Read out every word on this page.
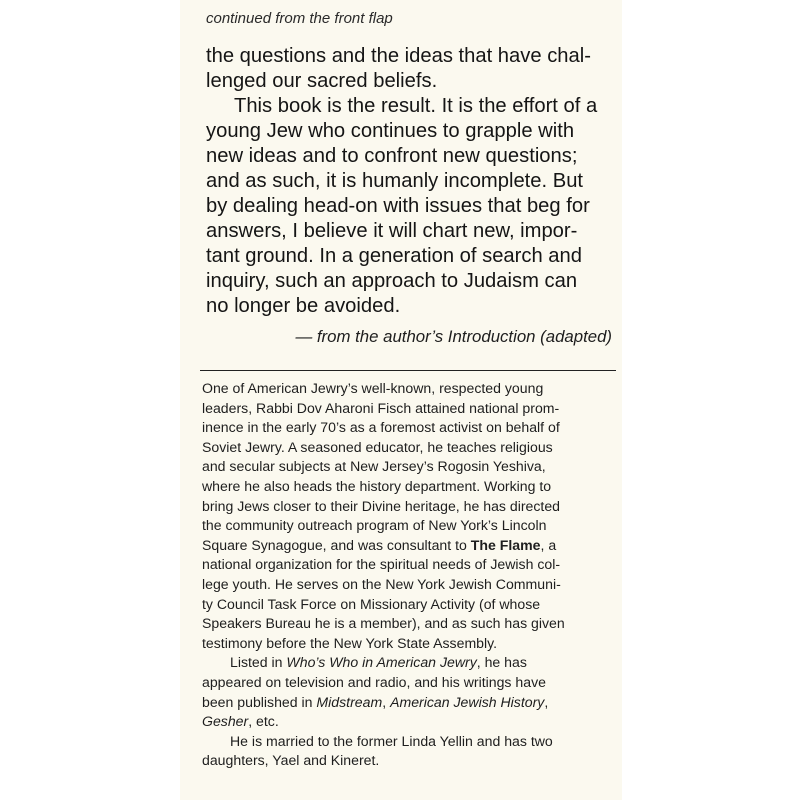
continued from the front flap

the questions and the ideas that have chal-
lenged our sacred beliefs.

This book is the result. It is the effort of a
young Jew who continues to grapple with
new ideas and to confront new questions;
and as such, it is humanly incomplete. But
by dealing head-on with issues that beg for
answers, I believe it will chart new, impor-
tant ground. In a generation of search and
inquiry, such an approach to Judaism can
no longer be avoided.

— from the author’s Introduction (adapted)

One of American Jewry’s well-known, respected young
leaders, Rabbi Dov Aharoni Fisch attained national prom-
inence in the early 70’s as a foremost activist on behalf of
Soviet Jewry. A seasoned educator, he teaches religious
and secular subjects at New Jersey’s Rogosin Yeshiva,
where he also heads the history department. Working to
bring Jews closer to their Divine heritage, he has directed
the community outreach program of New York’s Lincoln
Square Synagogue, and was consultant to The Flame, a
national organization for the spiritual needs of Jewish col-
lege youth. He serves on the New York Jewish Communi-
ty Council Task Force on Missionary Activity (of whose
Speakers Bureau he is a member), and as such has given
testimony before the New York State Assembly.

Listed in Who’s Who in American Jewry, he has
appeared on television and radio, and his writings have
been published in Midstream, American Jewish History,
Gesher, etc.

He is married to the former Linda Yellin and has two
daughters, Yael and Kineret.
